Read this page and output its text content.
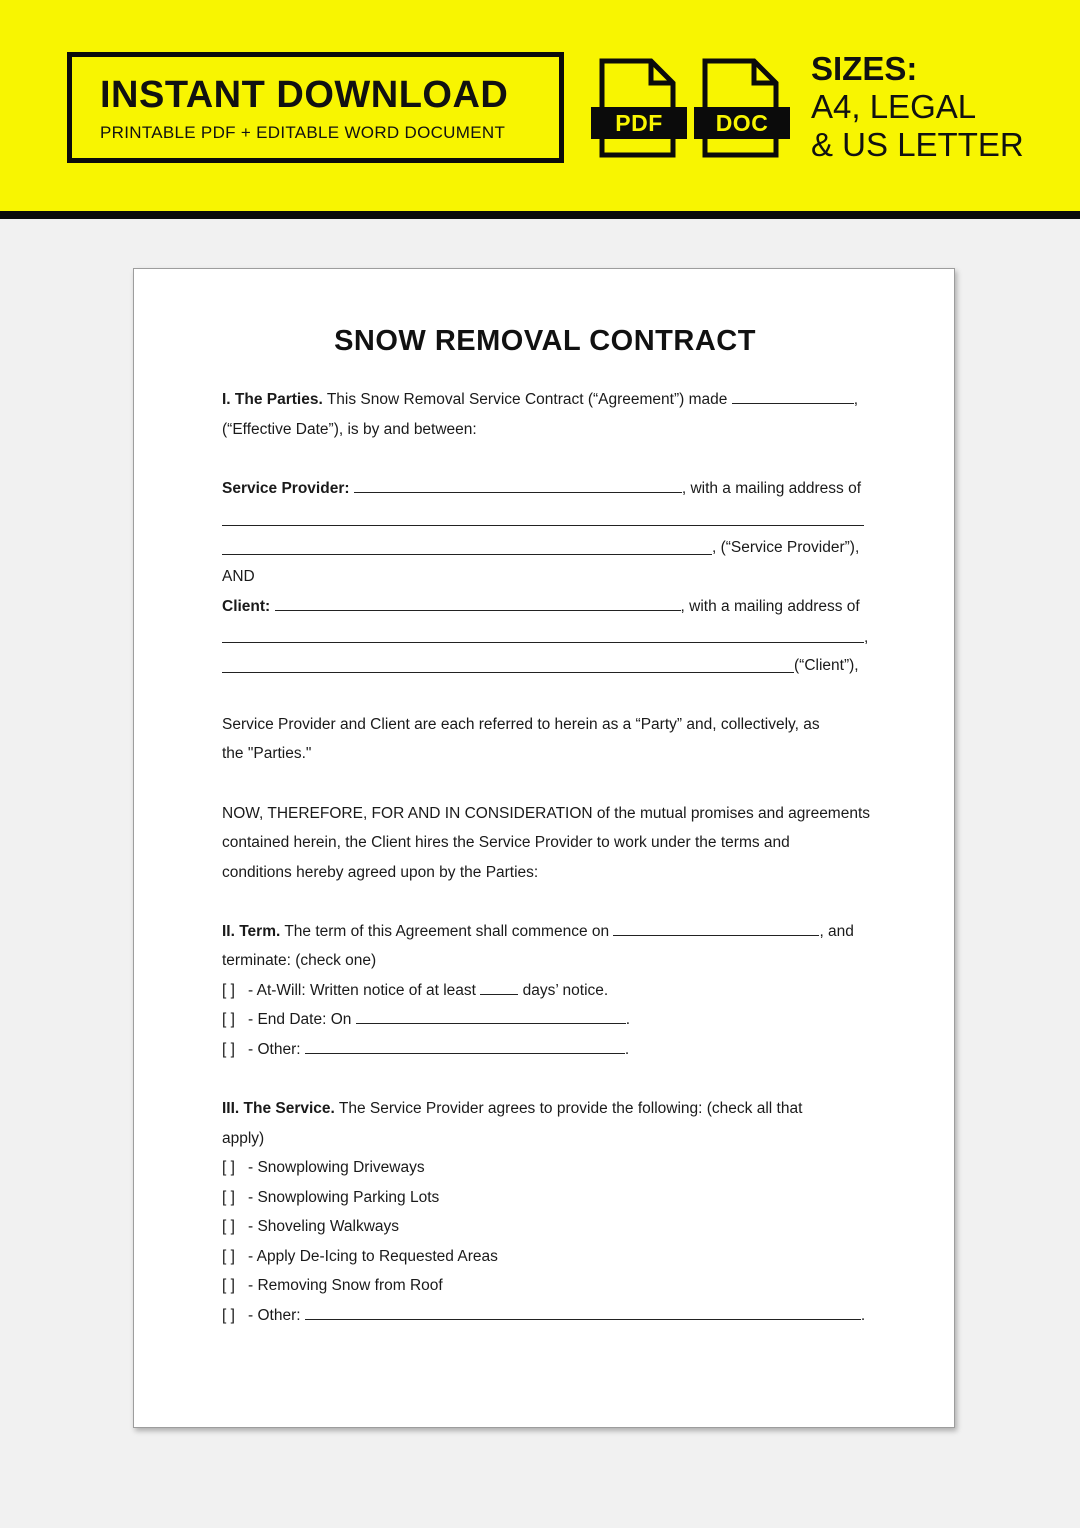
INSTANT DOWNLOAD
PRINTABLE PDF + EDITABLE WORD DOCUMENT	PDF	DOC
SIZES:
A4, LEGAL
& US LETTER
SNOW REMOVAL CONTRACT
I. The Parties. This Snow Removal Service Contract (“Agreement”) made	,
(“Effective Date”), is by and between:
Service Provider:	, with a mailing address of
, (“Service Provider”),
AND
Client:	, with a mailing address of
,
(“Client”),
Service Provider and Client are each referred to herein as a “Party” and, collectively, as
the "Parties."
NOW, THEREFORE, FOR AND IN CONSIDERATION of the mutual promises and agreements
contained herein, the Client hires the Service Provider to work under the terms and
conditions hereby agreed upon by the Parties:
II. Term. The term of this Agreement shall commence on	, and
terminate: (check one)
[ ] - At-Will: Written notice of at least	days’ notice.
[ ] - End Date: On	.
[ ] - Other:	.
III. The Service. The Service Provider agrees to provide the following: (check all that
apply)
[ ] - Snowplowing Driveways
[ ] - Snowplowing Parking Lots
[ ] - Shoveling Walkways
[ ] - Apply De-Icing to Requested Areas
[ ] - Removing Snow from Roof
[ ] - Other:	.
